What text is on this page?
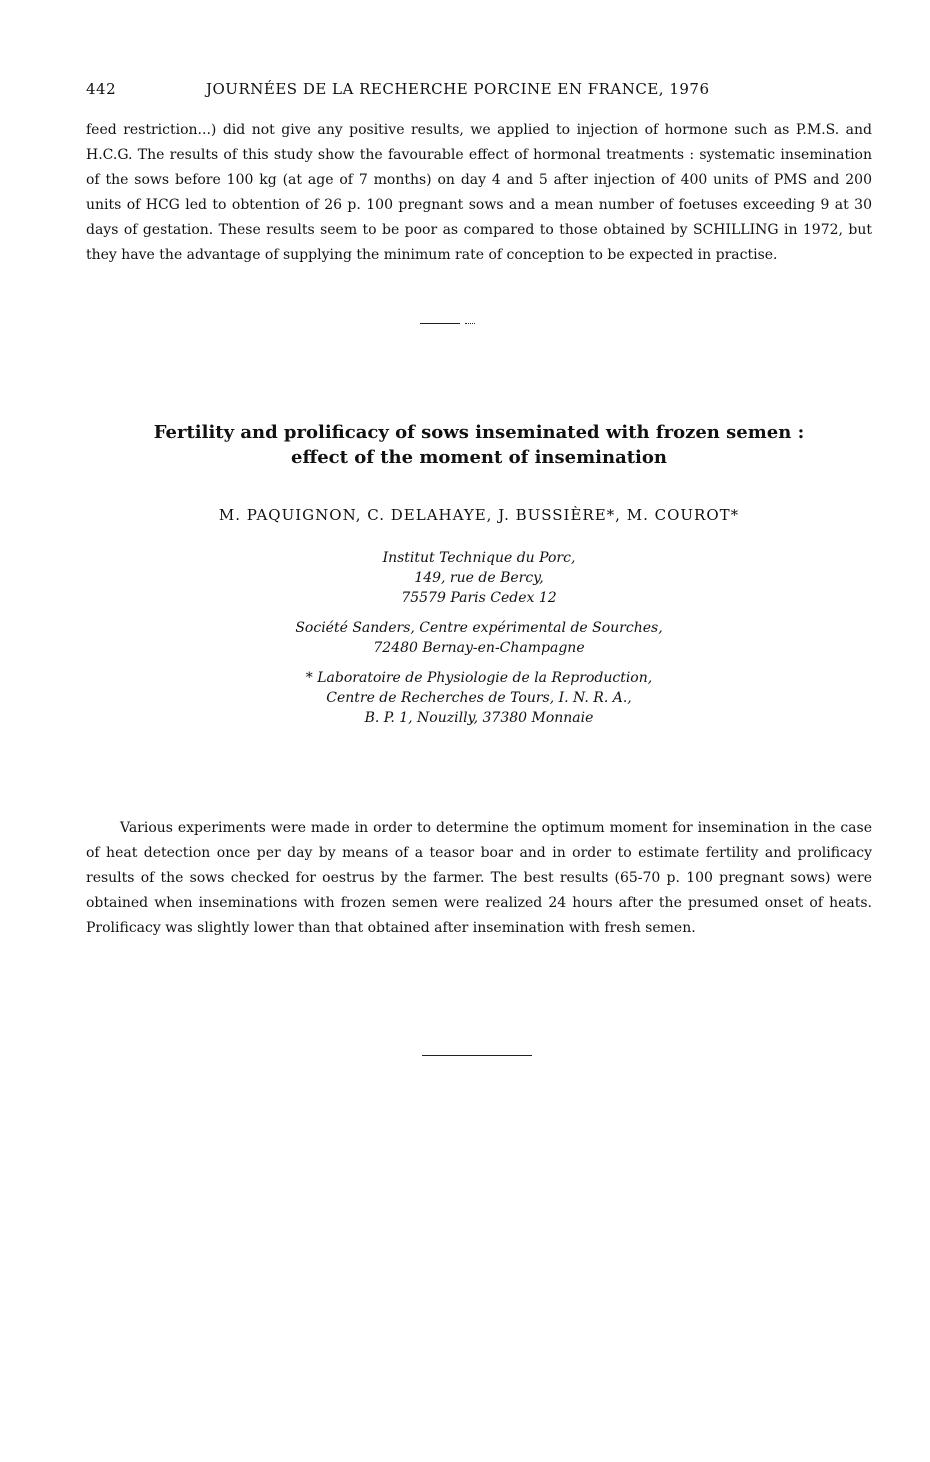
442	JOURNÉES DE LA RECHERCHE PORCINE EN FRANCE, 1976

feed restriction...) did not give any positive results, we applied to injection of hormone such as P.M.S. and H.C.G. The results of this study show the favourable effect of hormonal treatments : systematic insemination of the sows before 100 kg (at age of 7 months) on day 4 and 5 after injection of 400 units of PMS and 200 units of HCG led to obtention of 26 p. 100 pregnant sows and a mean number of foetuses exceeding 9 at 30 days of gestation. These results seem to be poor as compared to those obtained by SCHILLING in 1972, but they have the advantage of supplying the minimum rate of conception to be expected in practise.

Fertility and prolificacy of sows inseminated with frozen semen :
effect of the moment of insemination
M. PAQUIGNON, C. DELAHAYE, J. BUSSIÈRE*, M. COUROT*
Institut Technique du Porc,
149, rue de Bercy,
75579 Paris Cedex 12
Société Sanders, Centre expérimental de Sourches,
72480 Bernay-en-Champagne
* Laboratoire de Physiologie de la Reproduction,
Centre de Recherches de Tours, I. N. R. A.,
B. P. 1, Nouzilly, 37380 Monnaie

Various experiments were made in order to determine the optimum moment for insemination in the case of heat detection once per day by means of a teasor boar and in order to estimate fertility and prolificacy results of the sows checked for oestrus by the farmer. The best results (65-70 p. 100 pregnant sows) were obtained when inseminations with frozen semen were realized 24 hours after the presumed onset of heats. Prolificacy was slightly lower than that obtained after insemination with fresh semen.
